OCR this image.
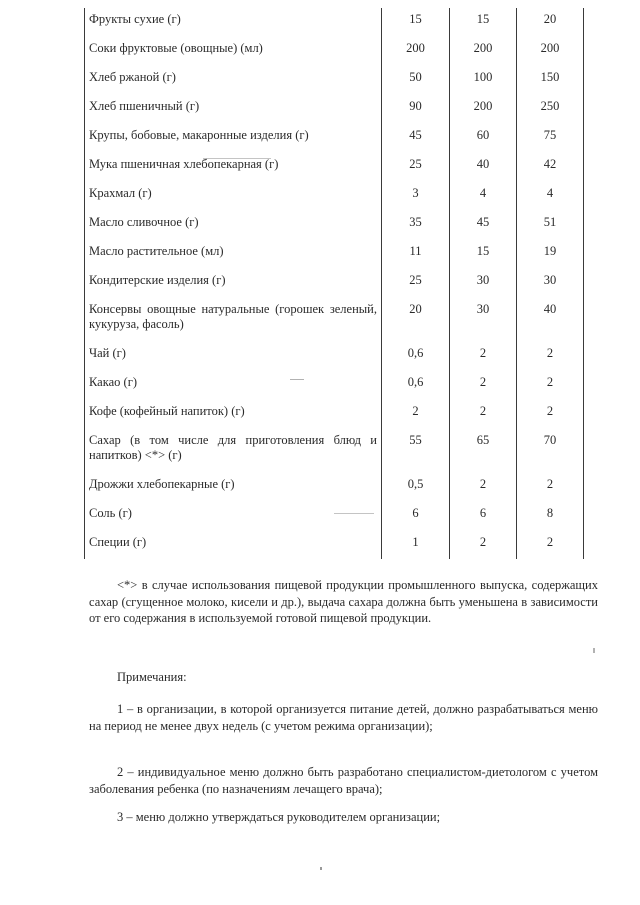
Фрукты сухие (г)	15	15	20
Соки фруктовые (овощные) (мл)	200	200	200
Хлеб ржаной (г)	50	100	150
Хлеб пшеничный (г)	90	200	250
Крупы, бобовые, макаронные изделия (г)	45	60	75
Мука пшеничная хлебопекарная (г)	25	40	42
Крахмал (г)	3	4	4
Масло сливочное (г)	35	45	51
Масло растительное (мл)	11	15	19
Кондитерские изделия (г)	25	30	30
Консервы овощные натуральные (горошек зеленый, кукуруза, фасоль)	20	30	40
Чай (г)	0,6	2	2
Какао (г)	0,6	2	2
Кофе (кофейный напиток) (г)	2	2	2
Сахар (в том числе для приготовления блюд и напитков) <*> (г)	55	65	70
Дрожжи хлебопекарные (г)	0,5	2	2
Соль (г)	6	6	8
Специи (г)	1	2	2

<*> в случае использования пищевой продукции промышленного выпуска, содержащих сахар (сгущенное молоко, кисели и др.), выдача сахара должна быть уменьшена в зависимости от его содержания в используемой готовой пищевой продукции.

Примечания:

1 – в организации, в которой организуется питание детей, должно разрабатываться меню на период не менее двух недель (с учетом режима организации);

2 – индивидуальное меню должно быть разработано специалистом-диетологом с учетом заболевания ребенка (по назначениям лечащего врача);

3 – меню должно утверждаться руководителем организации;
